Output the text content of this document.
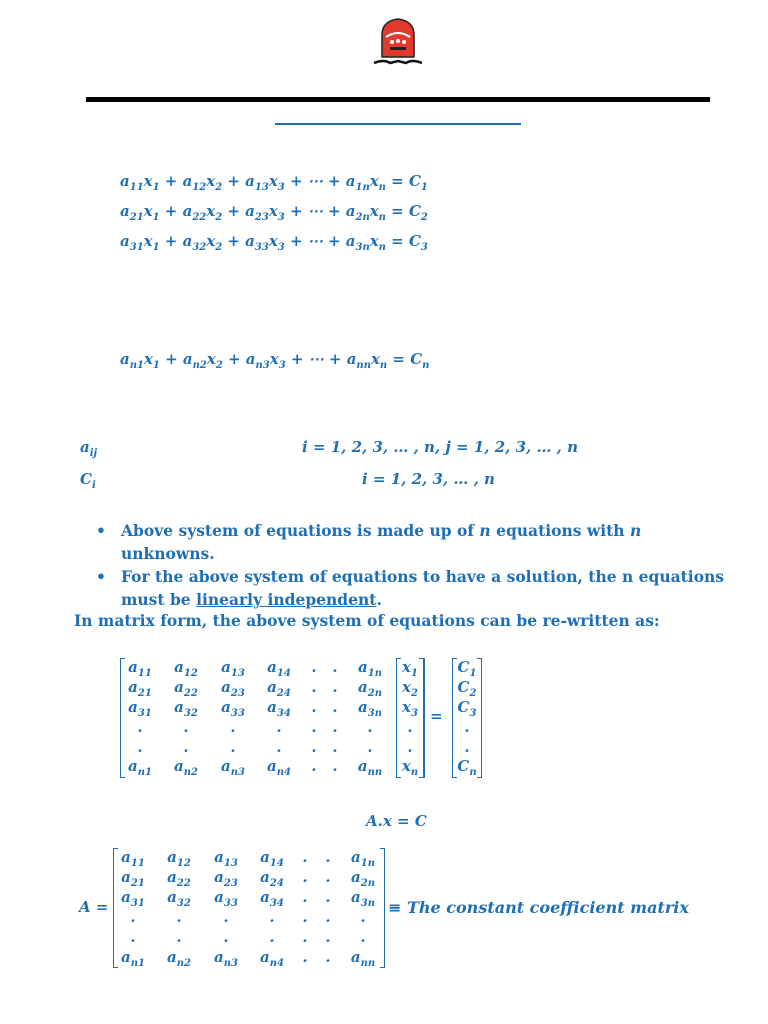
$a_{11}x_1 + a_{12}x_2 + a_{13}x_3$ + ⋯ + $a_{1n}x_n = C_1$
$a_{21}x_1 + a_{22}x_2 + a_{23}x_3$ + ⋯ + $a_{2n}x_n = C_2$
$a_{31}x_1 + a_{32}x_2 + a_{33}x_3$ + ⋯ + $a_{3n}x_n = C_3$
$a_{n1}x_1 + a_{n2}x_2 + a_{n3}x_3$ + ⋯ + $a_{nn}x_n = C_n$
$a_{ij}$	i = 1, 2, 3, … , n, j = 1, 2, 3, … , n
$C_i$	i = 1, 2, 3, … , n
• Above system of equations is made up of n equations with n unknowns.
• For the above system of equations to have a solution, the n equations must be linearly independent.
In matrix form, the above system of equations can be re-written as:
$a_{11}$ $a_{12}$ $a_{13}$ $a_{14}$ . . $a_{1n}$
$a_{21}$ $a_{22}$ $a_{23}$ $a_{24}$ . . $a_{2n}$
$a_{31}$ $a_{32}$ $a_{33}$ $a_{34}$ . . $a_{3n}$
.	.	.	. . . .
.	.	.	. . . .
$a_{n1}$ $a_{n2}$ $a_{n3}$ $a_{n4}$ . . $a_{nn}$
$x_1$
$x_2$
$x_3$
.
.
$x_n$
=
$C_1$
$C_2$
$C_3$
.
.
$C_n$
A.x = C
A =
$a_{11}$ $a_{12}$ $a_{13}$ $a_{14}$ . . $a_{1n}$
$a_{21}$ $a_{22}$ $a_{23}$ $a_{24}$ . . $a_{2n}$
$a_{31}$ $a_{32}$ $a_{33}$ $a_{34}$ . . $a_{3n}$
.	.	.	. . . .
.	.	.	. . . .
$a_{n1}$ $a_{n2}$ $a_{n3}$ $a_{n4}$ . . $a_{nn}$
≡ The constant coefficient matrix
